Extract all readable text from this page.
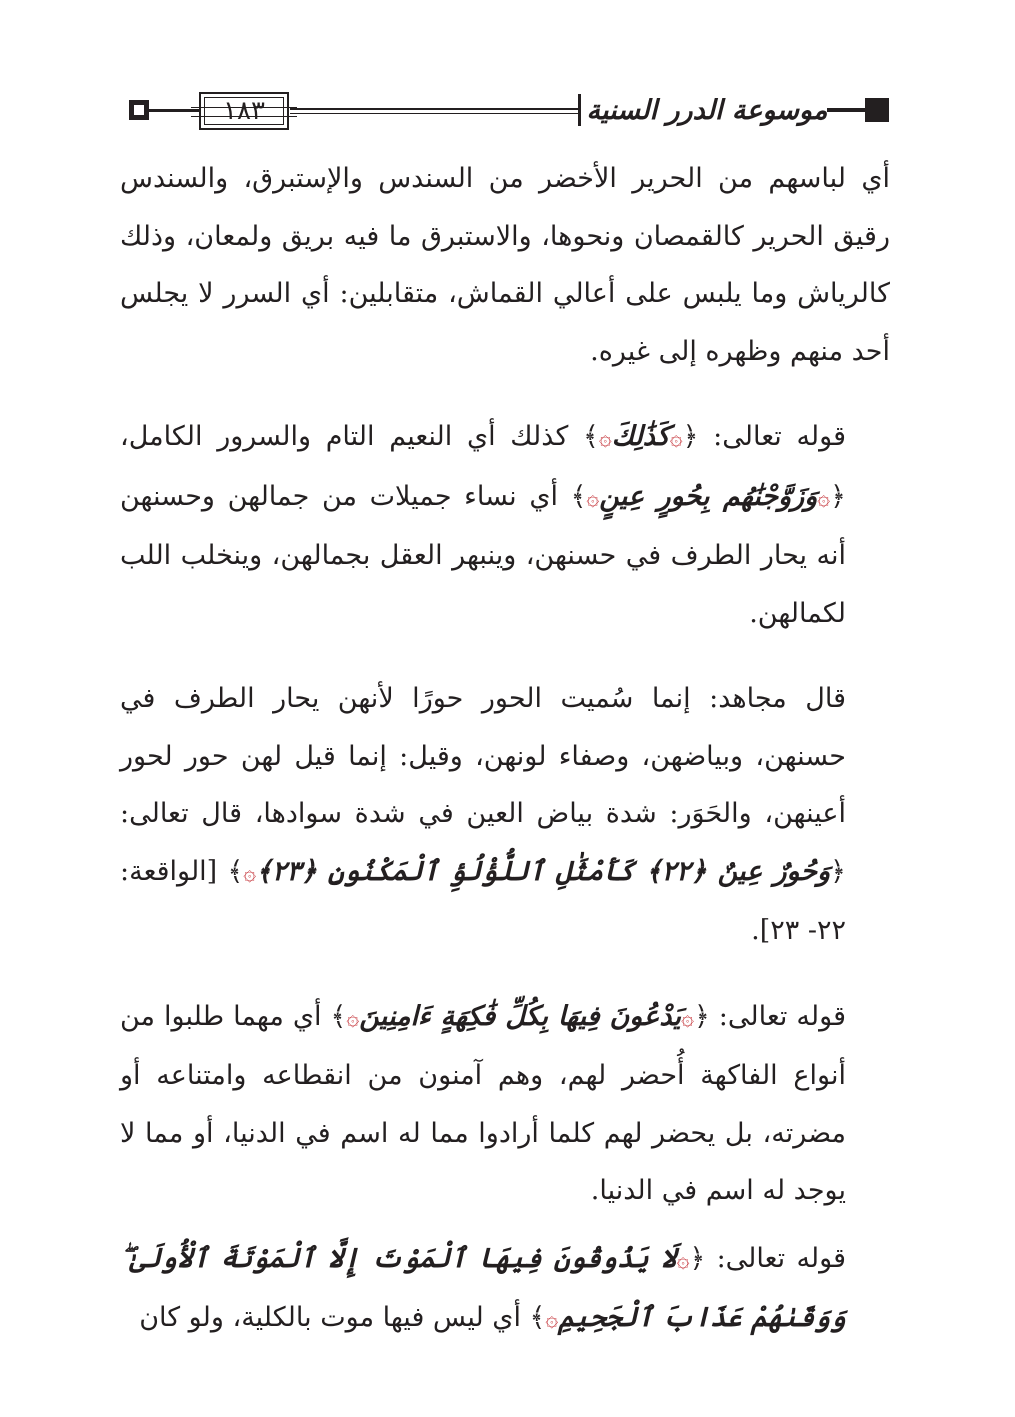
١٨٣	موسوعة الدرر السنية

أي لباسهم من الحرير الأخضر من السندس والإستبرق، والسندس رقيق الحرير كالقمصان ونحوها، والاستبرق ما فيه بريق ولمعان، وذلك كالرياش وما يلبس على أعالي القماش، متقابلين: أي السرر لا يجلس أحد منهم وظهره إلى غيره.

قوله تعالى: ﴿۞كَذَٰلِكَ۞﴾ كذلك أي النعيم التام والسرور الكامل، ﴿۞وَزَوَّجْنَٰهُم بِحُورٍ عِينٍ۞﴾ أي نساء جميلات من جمالهن وحسنهن أنه يحار الطرف في حسنهن، وينبهر العقل بجمالهن، وينخلب اللب لكمالهن.

قال مجاهد: إنما سُميت الحور حورًا لأنهن يحار الطرف في حسنهن، وبياضهن، وصفاء لونهن، وقيل: إنما قيل لهن حور لحور أعينهن، والحَوَر: شدة بياض العين في شدة سوادها، قال تعالى: ﴿وَحُورٌ عِينٌ ﴿٢٢﴾ كَأَمْثَٰلِ ٱللُّؤْلُؤِ ٱلْمَكْنُونِ ﴿٢٣﴾۞﴾ [الواقعة: ٢٢- ٢٣].

قوله تعالى: ﴿۞يَدْعُونَ فِيهَا بِكُلِّ فَٰكِهَةٍ ءَامِنِينَ۞﴾ أي مهما طلبوا من أنواع الفاكهة أُحضر لهم، وهم آمنون من انقطاعه وامتناعه أو مضرته، بل يحضر لهم كلما أرادوا مما له اسم في الدنيا، أو مما لا يوجد له اسم في الدنيا.

قوله تعالى: ﴿۞لَا يَذُوقُونَ فِيهَا ٱلْمَوْتَ إِلَّا ٱلْمَوْتَةَ ٱلْأُولَىٰ ۖ وَوَقَىٰهُمْ عَذَابَ ٱلْجَحِيمِ۞﴾ أي ليس فيها موت بالكلية، ولو كان
